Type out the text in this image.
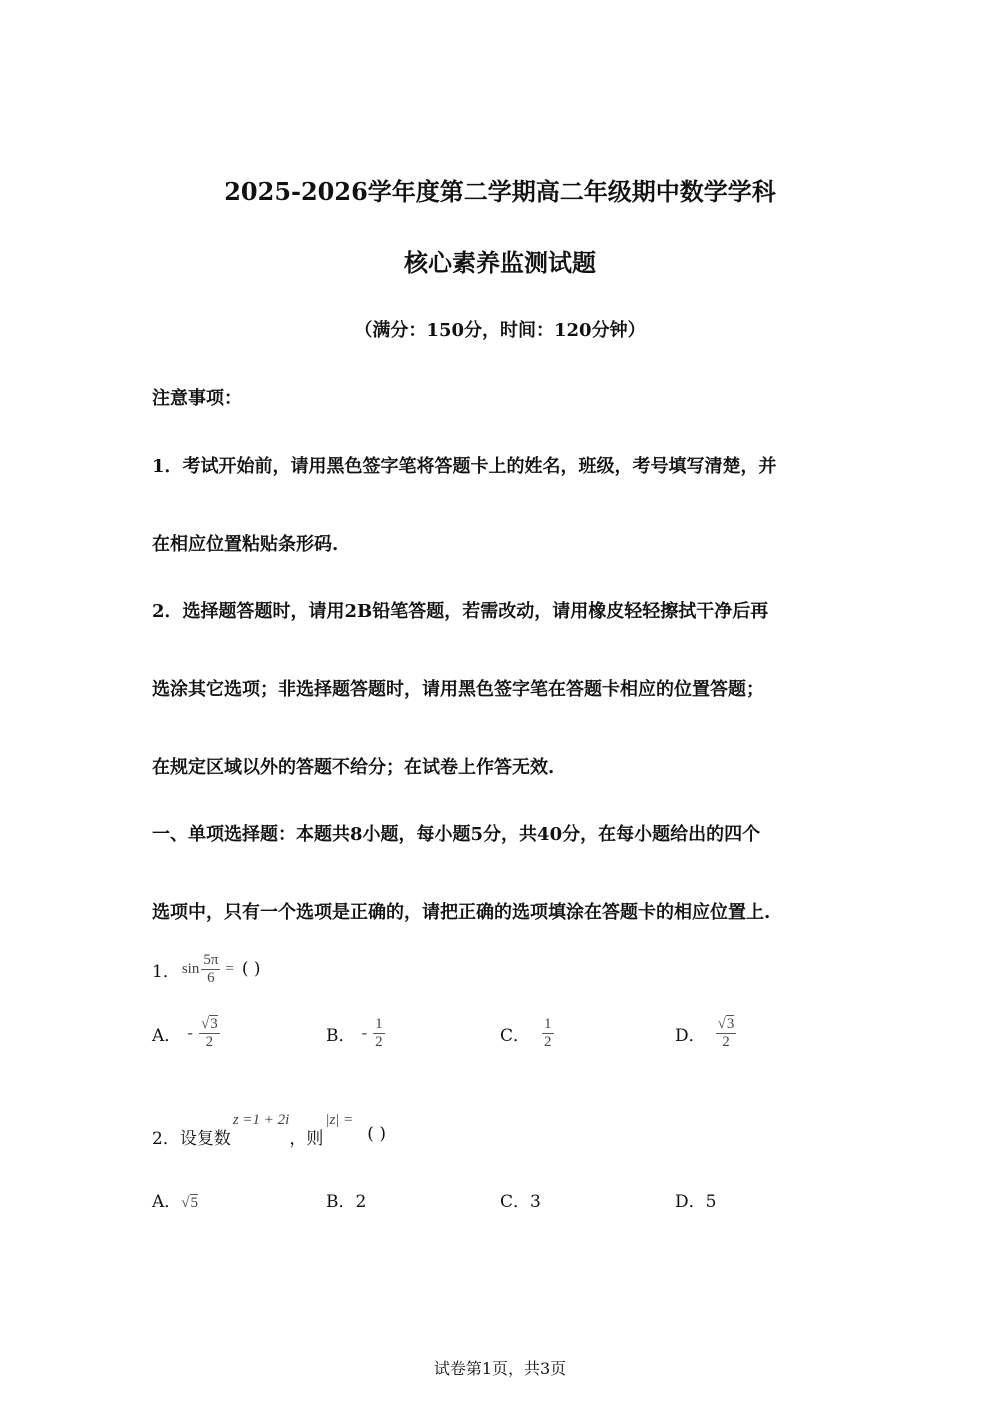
2025-2026学年度第二学期高二年级期中数学学科
核心素养监测试题
（满分：150分，时间：120分钟）
注意事项：
1．考试开始前，请用黑色签字笔将答题卡上的姓名，班级，考号填写清楚，并
在相应位置粘贴条形码.
2．选择题答题时，请用2B铅笔答题，若需改动，请用橡皮轻轻擦拭干净后再
选涂其它选项；非选择题答题时，请用黑色签字笔在答题卡相应的位置答题；
在规定区域以外的答题不给分；在试卷上作答无效.
一、单项选择题：本题共8小题，每小题5分，共40分，在每小题给出的四个
选项中，只有一个选项是正确的，请把正确的选项填涂在答题卡的相应位置上.
1． $\sin \frac{5\pi}{6}$ = ( )
A． - $\frac{√3}{2}$	B． - $\frac{1}{2}$	C． $\frac{1}{2}$	D． $\frac{√3}{2}$
2．设复数
z =1 + 2i
，则
|z| =
( )
A．√5	B．2	C．3	D．5
试卷第1页，共3页
